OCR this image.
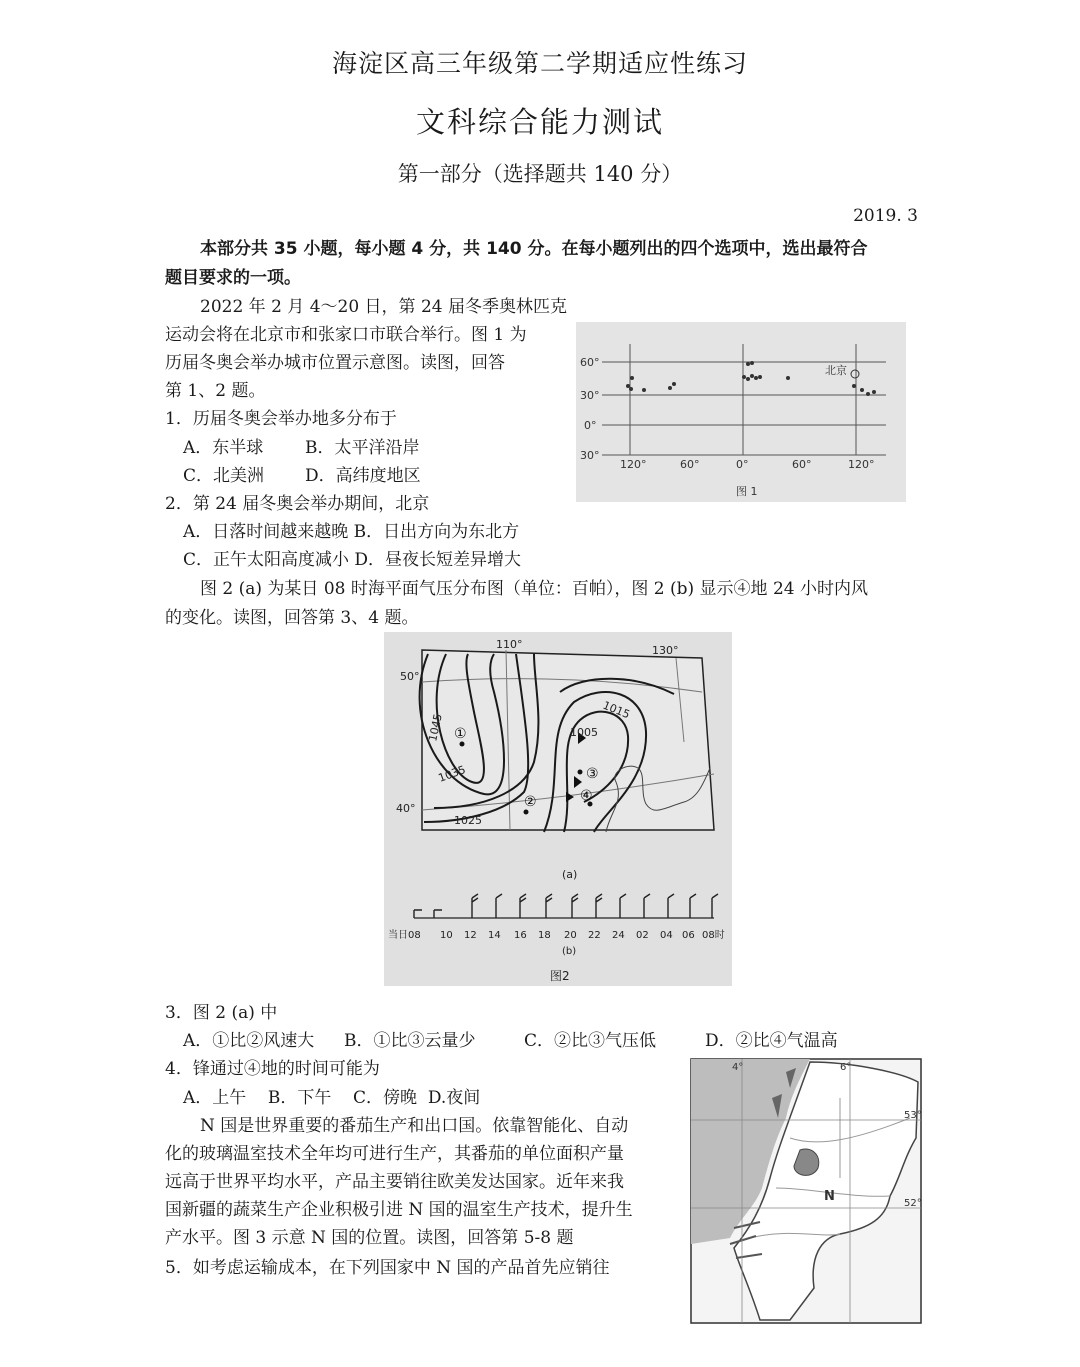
海淀区高三年级第二学期适应性练习
文科综合能力测试
第一部分（选择题共 140 分）
2019. 3
本部分共 35 小题，每小题 4 分，共 140 分。在每小题列出的四个选项中，选出最符合
题目要求的一项。
2022 年 2 月 4～20 日，第 24 届冬季奥林匹克
运动会将在北京市和张家口市联合举行。图 1 为
历届冬奥会举办城市位置示意图。读图，回答
第 1、2 题。
1．历届冬奥会举办地多分布于
A．东半球 B．太平洋沿岸
C．北美洲 D．高纬度地区
2．第 24 届冬奥会举办期间，北京
A．日落时间越来越晚 B．日出方向为东北方
C．正午太阳高度减小 D．昼夜长短差异增大
60°
30°
0°
30°
120°	60°	0°	60°	120°
北京
图 1
图 2 (a) 为某日 08 时海平面气压分布图（单位：百帕），图 2 (b) 显示④地 24 小时内风
的变化。读图，回答第 3、4 题。
110°	130°
50°
40°
1045
1035
1025
1015
1005
①
②
③
④
(a)
当日08 10 12 14 16 18 20 22 24 02 04 06 08时
(b)
图2
3．图 2 (a) 中
A．①比②风速大 B．①比③云量少	C．②比③气压低	D．②比④气温高
4．锋通过④地的时间可能为
A．上午    B．下午    C．傍晚  D.夜间
N 国是世界重要的番茄生产和出口国。依靠智能化、自动
化的玻璃温室技术全年均可进行生产，其番茄的单位面积产量
远高于世界平均水平，产品主要销往欧美发达国家。近年来我
国新疆的蔬菜生产企业积极引进 N 国的温室生产技术，提升生
产水平。图 3 示意 N 国的位置。读图，回答第 5-8 题
5．如考虑运输成本，在下列国家中 N 国的产品首先应销往
4°	6°
53°
52°
N
